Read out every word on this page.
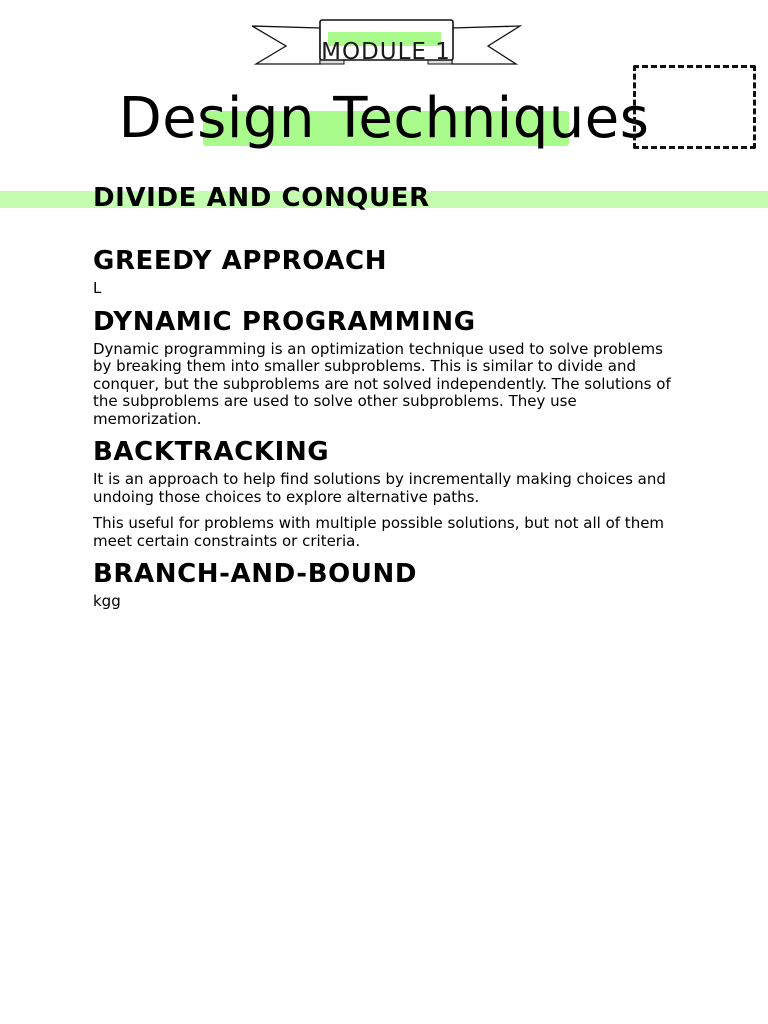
MODULE 1
Design Techniques
DIVIDE AND CONQUER
GREEDY APPROACH

L

DYNAMIC PROGRAMMING

Dynamic programming is an optimization technique used to solve problems by breaking them into smaller subproblems. This is similar to divide and conquer, but the subproblems are not solved independently. The solutions of the subproblems are used to solve other subproblems. They use memorization.

BACKTRACKING

It is an approach to help find solutions by incrementally making choices and undoing those choices to explore alternative paths.

This useful for problems with multiple possible solutions, but not all of them meet certain constraints or criteria.

BRANCH-AND-BOUND

kgg
